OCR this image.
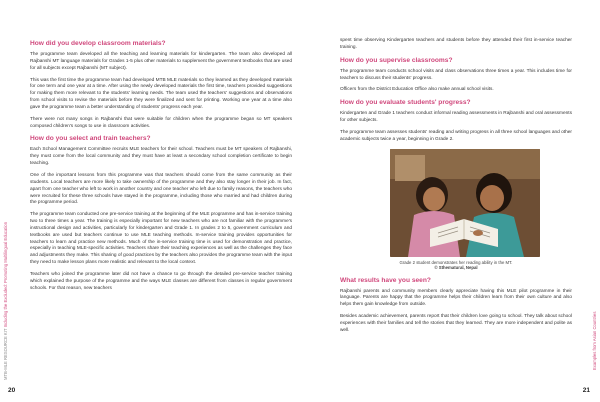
MTB-MLE RESOURCE KIT Including the Excluded: Promoting Multilingual Education
Examples from Asian Countries
How did you develop classroom materials?

The programme team developed all the teaching and learning materials for kindergarten. The team also developed all Rajbanshi MT language materials for Grades 1-5 plus other materials to supplement the government textbooks that are used for all subjects except Rajbanshi (MT subject).

This was the first time the programme team had developed MTB MLE materials so they learned as they developed materials for one term and one year at a time. After using the newly developed materials the first time, teachers provided suggestions for making them more relevant to the students' learning needs. The team used the teachers' suggestions and observations from school visits to revise the materials before they were finalized and sent for printing. Working one year at a time also gave the programme team a better understanding of students' progress each year.

There were not many songs in Rajbanshi that were suitable for children when the programme began so MT speakers composed children's songs to use in classroom activities.

How do you select and train teachers?

Each School Management Committee recruits MLE teachers for their school. Teachers must be MT speakers of Rajbanshi, they must come from the local community and they must have at least a secondary school completion certificate to begin teaching.

One of the important lessons from this programme was that teachers should come from the same community as their students. Local teachers are more likely to take ownership of the programme and they also stay longer in their job. In fact, apart from one teacher who left to work in another country and one teacher who left due to family reasons, the teachers who were recruited for these three schools have stayed in the programme, including those who married and had children during the programme period.

The programme team conducted one pre-service training at the beginning of the MLE programme and has in-service training two to three times a year. The training is especially important for new teachers who are not familiar with the programme's instructional design and activities, particularly for kindergarten and Grade 1. In grades 2 to 5, government curriculum and textbooks are used but teachers continue to use MLE teaching methods. In-service training provides opportunities for teachers to learn and practice new methods. Much of the in-service training time is used for demonstration and practice, especially in teaching MLE-specific activities. Teachers share their teaching experiences as well as the challenges they face and adjustments they make. This sharing of good practices by the teachers also provides the programme team with the input they need to make lesson plans more realistic and relevant to the local context.

Teachers who joined the programme later did not have a chance to go through the detailed pre-service teacher training which explained the purpose of the programme and the ways MLE classes are different from classes in regular government schools. For that reason, new teachers

20

spent time observing Kindergarten teachers and students before they attended their first in-service teacher training.

How do you supervise classrooms?

The programme team conducts school visits and class observations three times a year. This includes time for teachers to discuss their students' progress.

Officers from the District Education Office also make annual school visits.

How do you evaluate students' progress?

Kindergarten and Grade 1 teachers conduct informal reading assessments in Rajbanshi and oral assessments for other subjects.

The programme team assesses students' reading and writing progress in all three school languages and other academic subjects twice a year, beginning in Grade 2.

Grade 2 student demonstrates her reading ability in the MT.
© Sthematural, Nepal
What results have you seen?

Rajbanshi parents and community members clearly appreciate having this MLE pilot programme in their language. Parents are happy that the programme helps their children learn from their own culture and also helps them gain knowledge from outside.

Besides academic achievement, parents report that their children love going to school. They talk about school experiences with their families and tell the stories that they learned. They are more independent and polite as well.

21
